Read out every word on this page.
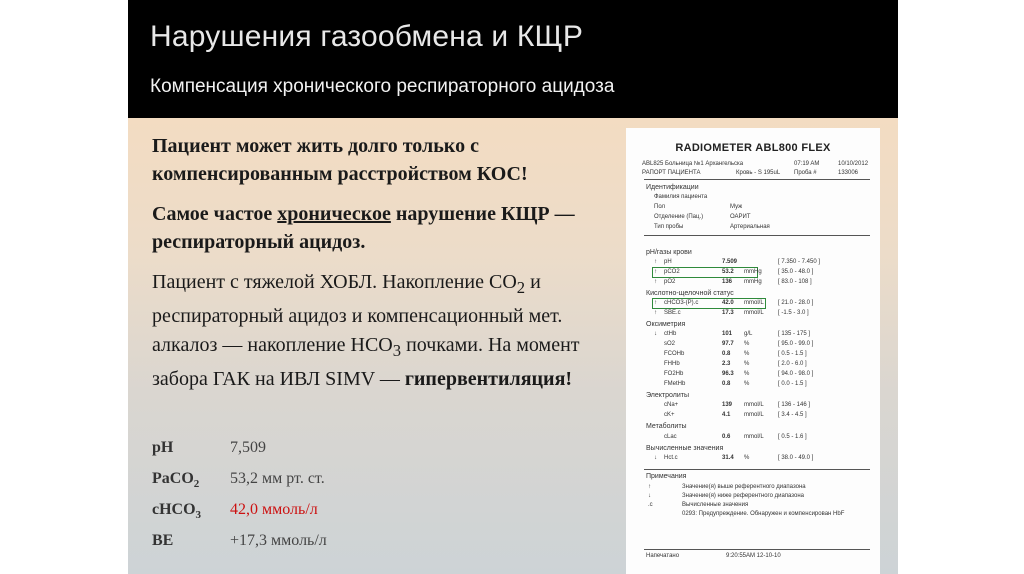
Нарушения газообмена и КЩР
Компенсация хронического респираторного ацидоза

Пациент может жить долго только с компенсированным расстройством КОС!

Самое частое хроническое нарушение КЩР — респираторный ацидоз.

Пациент с тяжелой ХОБЛ. Накопление $СО_2$ и респираторный ацидоз и компенсационный мет. алкалоз — накопление $НСО_3$ почками. На момент забора ГАК на ИВЛ SIMV — гипервентиляция!

pH	7,509
PaCO$_2$ 53,2 мм рт. ст.
cHCO$_3$ 42,0 ммоль/л
BE	+17,3 ммоль/л
RADIOMETER ABL800 FLEX
ABL825 Больница №1 Архангельска	07:19 AM	10/10/2012
РАПОРТ ПАЦИЕНТА	Кровь - S 195uL Проба #	133006
Идентификации
Фамилия пациента
Пол	Муж
Отделение (Пац.)	ОАРИТ
Тип пробы	Артериальная
pH/газы крови
Кислотно-щелочной статус
Оксиметрия
Электролиты
Метаболиты
Вычисленные значения
↑ pH	7.509	[ 7.350 - 7.450 ]
↑ pCO2	53.2 mmHg	[ 35.0 - 48.0 ]
↑ pO2	136 mmHg	[ 83.0 - 108 ]
↑ cHCO3-(P).c	42.0 mmol/L [ 21.0 - 28.0 ]
↑ SBE.c	17.3 mmol/L [ -1.5 - 3.0 ]
↓ ctHb	101 g/L	[ 135 - 175 ]
sO2	97.7 %	[ 95.0 - 99.0 ]
FCOHb	0.8 %	[ 0.5 - 1.5 ]
FHHb	2.3 %	[ 2.0 - 6.0 ]
FO2Hb	96.3 %	[ 94.0 - 98.0 ]
FMetHb	0.8 %	[ 0.0 - 1.5 ]
cNa+	139 mmol/L [ 136 - 146 ]
cK+	4.1 mmol/L [ 3.4 - 4.5 ]
cLac	0.6 mmol/L [ 0.5 - 1.6 ]
↓ Hct.c	31.4 %	[ 38.0 - 49.0 ]
Примечания
↑	Значение(я) выше референтного диапазона
↓	Значение(я) ниже референтного диапазона
.c	Вычисленные значения
0293: Предупреждение. Обнаружен и компенсирован HbF
Напечатано	9:20:55AM 12-10-10
